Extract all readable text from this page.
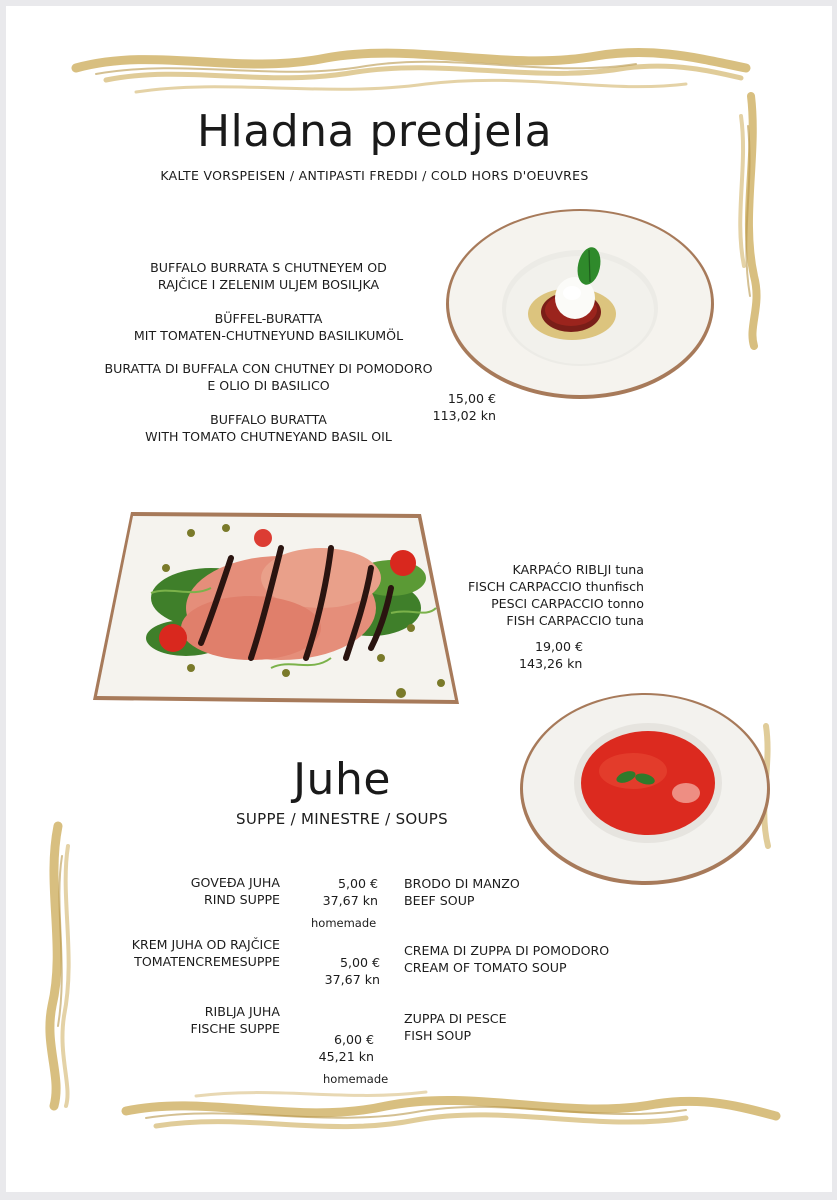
Hladna predjela
KALTE VORSPEISEN / ANTIPASTI FREDDI / COLD HORS D'OEUVRES
BUFFALO BURRATA S CHUTNEYEM OD
RAJČICE I ZELENIM ULJEM BOSILJKA
BÜFFEL-BURATTA
MIT TOMATEN-CHUTNEYUND BASILIKUMÖL
BURATTA DI BUFFALA CON CHUTNEY DI POMODORO
E OLIO DI BASILICO
BUFFALO BURATTA
WITH TOMATO CHUTNEYAND BASIL OIL
15,00 €
113,02 kn
KARPAĆO RIBLJI tuna
FISCH CARPACCIO thunfisch
PESCI CARPACCIO tonno
FISH CARPACCIO tuna
19,00 €
143,26 kn
Juhe
SUPPE / MINESTRE / SOUPS
GOVEĐA JUHA
RIND SUPPE
5,00 €
37,67 kn
homemade
BRODO DI MANZO
BEEF SOUP
KREM JUHA OD RAJČICE
TOMATENCREMESUPPE	5,00 €
37,67 kn
CREMA DI ZUPPA DI POMODORO
CREAM OF TOMATO SOUP
RIBLJA JUHA
FISCHE SUPPE
6,00 €
45,21 kn
homemade
ZUPPA DI PESCE
FISH SOUP
